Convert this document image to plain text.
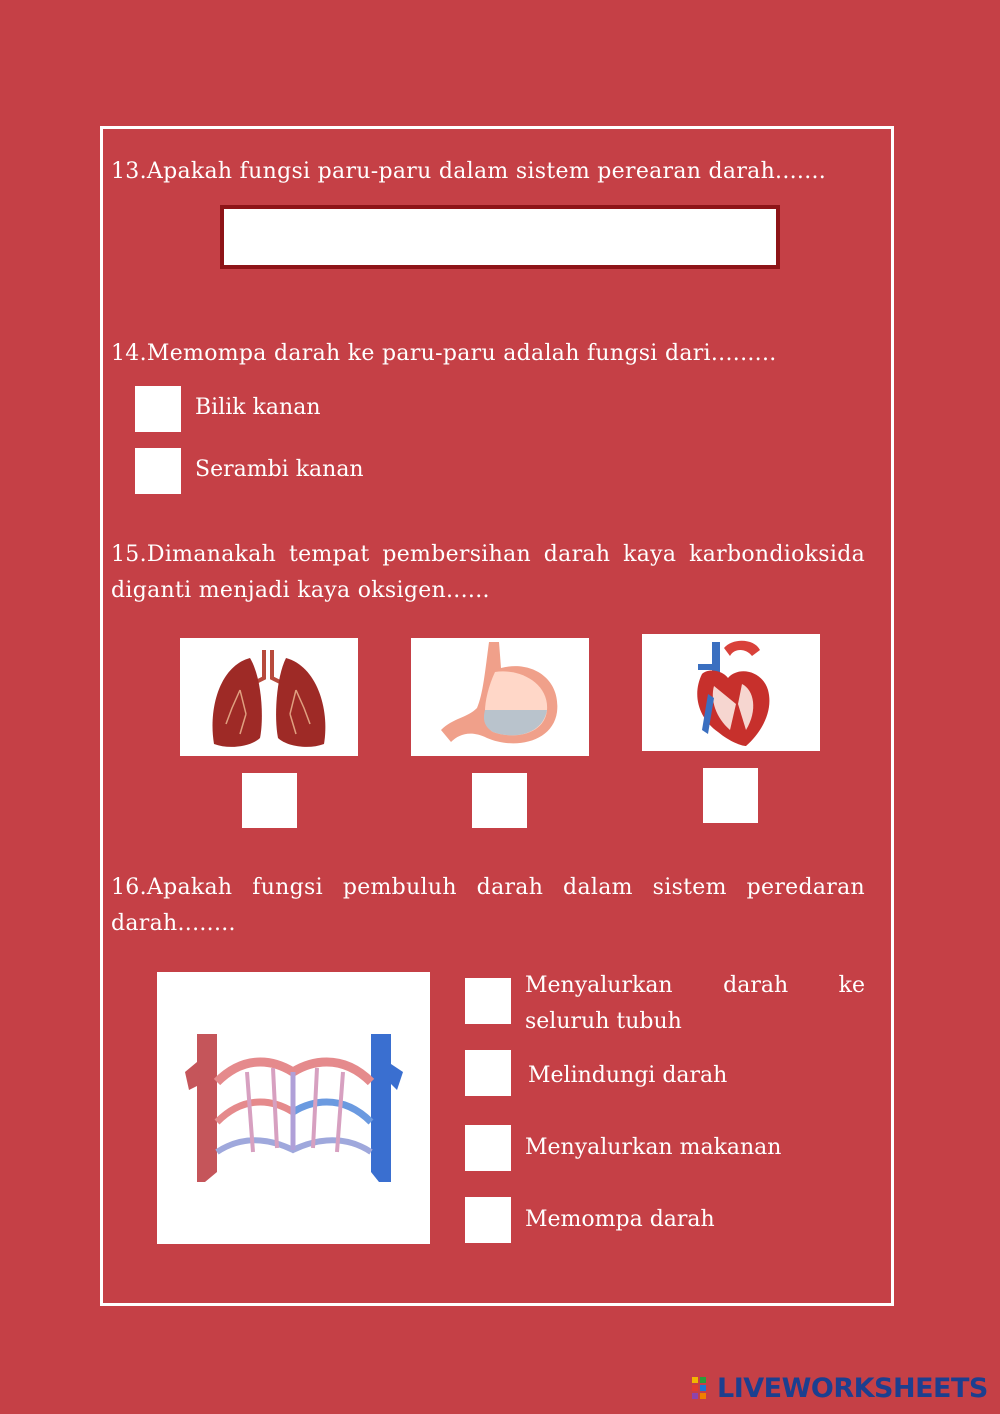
13.Apakah fungsi paru-paru dalam sistem perearan darah.......
14.Memompa darah ke paru-paru adalah fungsi dari.........
Bilik kanan
Serambi kanan
15.Dimanakah tempat pembersihan darah kaya karbondioksida diganti menjadi kaya oksigen......
16.Apakah fungsi pembuluh darah dalam sistem peredaran darah........
Menyalurkan darah ke seluruh tubuh
Melindungi darah
Menyalurkan makanan
Memompa darah
LIVEWORKSHEETS
